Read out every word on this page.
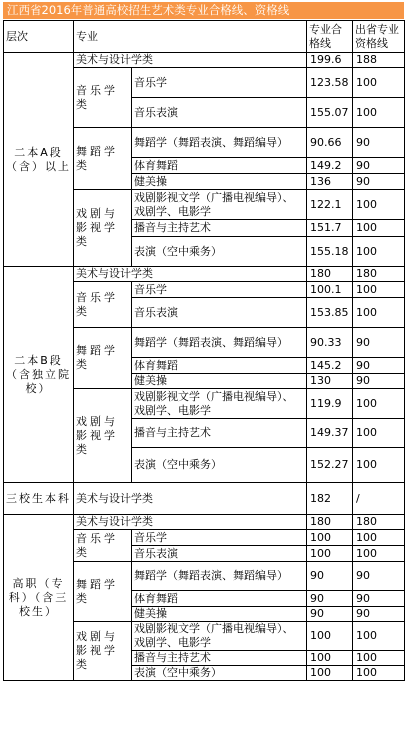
江西省2016年普通高校招生艺术类专业合格线、资格线
层次	专业		专业合格线	出省专业资格线
二本A段（含）以上	美术与设计学类		199.6	188
	音乐学类	音乐学	123.58	100
		音乐表演	155.07	100
	舞蹈学类	舞蹈学（舞蹈表演、舞蹈编导）	90.66	90
		体育舞蹈	149.2	90
		健美操	136	90
	戏剧与影视学类	戏剧影视文学（广播电视编导）、戏剧学、电影学	122.1	100
		播音与主持艺术	151.7	100
		表演（空中乘务）	155.18	100
二本B段（含独立院校）	美术与设计学类		180	180
	音乐学类	音乐学	100.1	100
		音乐表演	153.85	100
	舞蹈学类	舞蹈学（舞蹈表演、舞蹈编导）	90.33	90
		体育舞蹈	145.2	90
		健美操	130	90
	戏剧与影视学类	戏剧影视文学（广播电视编导）、戏剧学、电影学	119.9	100
		播音与主持艺术	149.37	100
		表演（空中乘务）	152.27	100
三校生本科	美术与设计学类		182	/
高职（专科）（含三校生）	美术与设计学类		180	180
	音乐学类	音乐学	100	100
		音乐表演	100	100
	舞蹈学类	舞蹈学（舞蹈表演、舞蹈编导）	90	90
		体育舞蹈	90	90
		健美操	90	90
	戏剧与影视学类	戏剧影视文学（广播电视编导）、戏剧学、电影学	100	100
		播音与主持艺术	100	100
		表演（空中乘务）	100	100
